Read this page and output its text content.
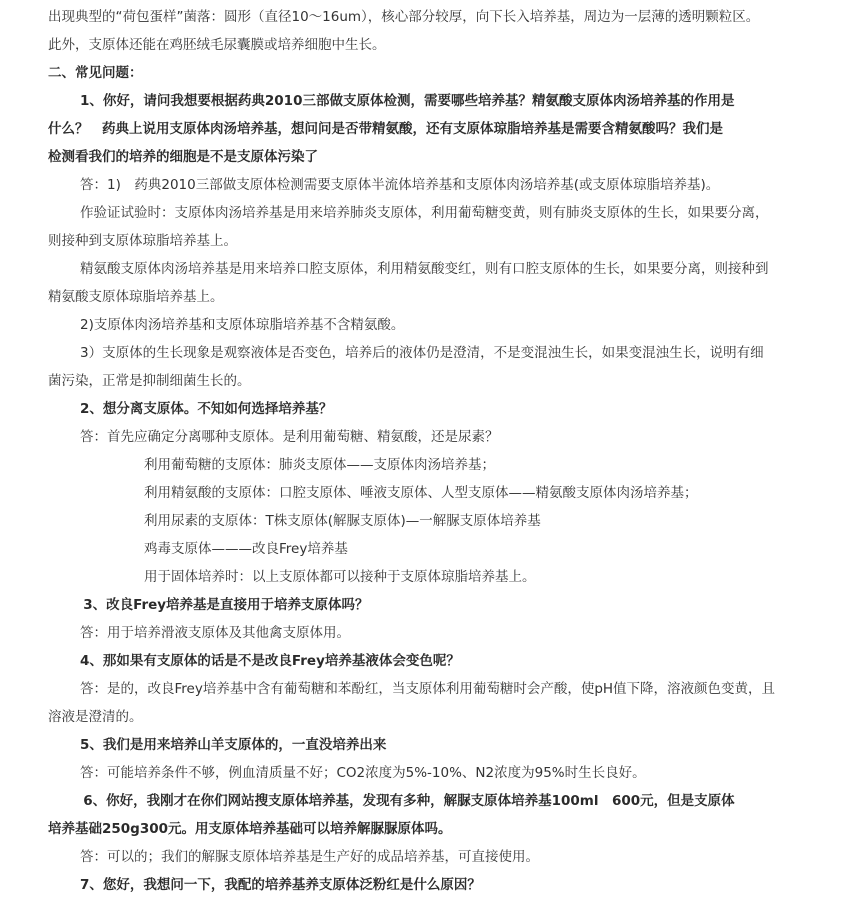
出现典型的“荷包蛋样”菌落：圆形（直径10～16um），核心部分较厚，向下长入培养基，周边为一层薄的透明颗粒区。
此外，支原体还能在鸡胚绒毛尿囊膜或培养细胞中生长。
二、常见问题：
1、你好，请问我想要根据药典2010三部做支原体检测，需要哪些培养基？精氨酸支原体肉汤培养基的作用是
什么？　药典上说用支原体肉汤培养基，想问问是否带精氨酸，还有支原体琼脂培养基是需要含精氨酸吗？我们是
检测看我们的培养的细胞是不是支原体污染了
答：1)　药典2010三部做支原体检测需要支原体半流体培养基和支原体肉汤培养基(或支原体琼脂培养基)。
作验证试验时：支原体肉汤培养基是用来培养肺炎支原体，利用葡萄糖变黄，则有肺炎支原体的生长，如果要分离，
则接种到支原体琼脂培养基上。
精氨酸支原体肉汤培养基是用来培养口腔支原体，利用精氨酸变红，则有口腔支原体的生长，如果要分离，则接种到
精氨酸支原体琼脂培养基上。
2)支原体肉汤培养基和支原体琼脂培养基不含精氨酸。
3）支原体的生长现象是观察液体是否变色，培养后的液体仍是澄清，不是变混浊生长，如果变混浊生长，说明有细
菌污染，正常是抑制细菌生长的。
2、想分离支原体。不知如何选择培养基？
答：首先应确定分离哪种支原体。是利用葡萄糖、精氨酸，还是尿素？
利用葡萄糖的支原体：肺炎支原体——支原体肉汤培养基；
利用精氨酸的支原体：口腔支原体、唾液支原体、人型支原体——精氨酸支原体肉汤培养基；
利用尿素的支原体：T株支原体(解脲支原体)—一解脲支原体培养基
鸡毒支原体———改良Frey培养基
用于固体培养时：以上支原体都可以接种于支原体琼脂培养基上。
3、改良Frey培养基是直接用于培养支原体吗？
答：用于培养滑液支原体及其他禽支原体用。
4、那如果有支原体的话是不是改良Frey培养基液体会变色呢？
答：是的，改良Frey培养基中含有葡萄糖和苯酚红，当支原体利用葡萄糖时会产酸，使pH值下降，溶液颜色变黄，且
溶液是澄清的。
5、我们是用来培养山羊支原体的，一直没培养出来
答：可能培养条件不够，例血清质量不好；CO2浓度为5%-10%、N2浓度为95%时生长良好。
6、你好，我刚才在你们网站搜支原体培养基，发现有多种，解脲支原体培养基100ml　600元，但是支原体
培养基础250g300元。用支原体培养基础可以培养解脲脲原体吗。
答：可以的；我们的解脲支原体培养基是生产好的成品培养基，可直接使用。
7、您好，我想问一下，我配的培养基养支原体泛粉红是什么原因？
